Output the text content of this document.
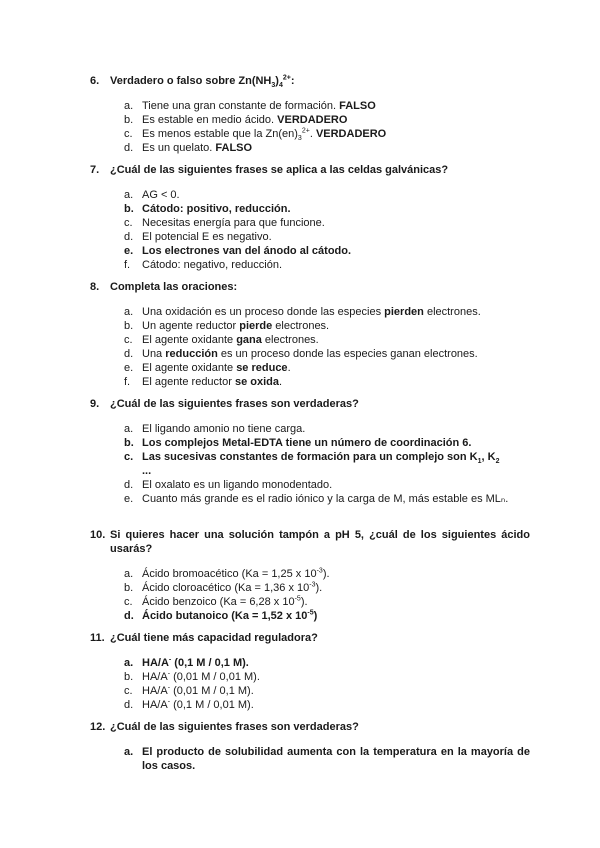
6. Verdadero o falso sobre $Zn(NH_3)_4^{2+}$:
a. Tiene una gran constante de formación. FALSO
b. Es estable en medio ácido. VERDADERO
c. Es menos estable que la $Zn(en)_3^{2+}$. VERDADERO
d. Es un quelato. FALSO
7. ¿Cuál de las siguientes frases se aplica a las celdas galvánicas?
a. AG < 0.
b. Cátodo: positivo, reducción.
c. Necesitas energía para que funcione.
d. El potencial E es negativo.
e. Los electrones van del ánodo al cátodo.
f.	Cátodo: negativo, reducción.
8. Completa las oraciones:
a. Una oxidación es un proceso donde las especies pierden electrones.
b. Un agente reductor pierde electrones.
c. El agente oxidante gana electrones.
d. Una reducción es un proceso donde las especies ganan electrones.
e. El agente oxidante se reduce.
f.	El agente reductor se oxida.
9. ¿Cuál de las siguientes frases son verdaderas?
a. El ligando amonio no tiene carga.
b. Los complejos Metal-EDTA tiene un número de coordinación 6.
c. Las sucesivas constantes de formación para un complejo son $K_1$, $K_2$
...
d. El oxalato es un ligando monodentado.
e. Cuanto más grande es el radio iónico y la carga de M, más estable es MLₙ.
10. Si quieres hacer una solución tampón a pH 5, ¿cuál de los siguientes ácido usarás?
a. Ácido bromoacético (Ka = 1,25 x $10^{-3}$).
b. Ácido cloroacético (Ka = 1,36 x $10^{-3}$).
c. Ácido benzoico (Ka = 6,28 x $10^{-5}$).
d. Ácido butanoico (Ka = 1,52 x $10^{-5}$)
11. ¿Cuál tiene más capacidad reguladora?
a. HA/A- (0,1 M / 0,1 M).
b. HA/A- (0,01 M / 0,01 M).
c. HA/A- (0,01 M / 0,1 M).
d. HA/A- (0,1 M / 0,01 M).
12. ¿Cuál de las siguientes frases son verdaderas?
a. El producto de solubilidad aumenta con la temperatura en la mayoría de los casos.
